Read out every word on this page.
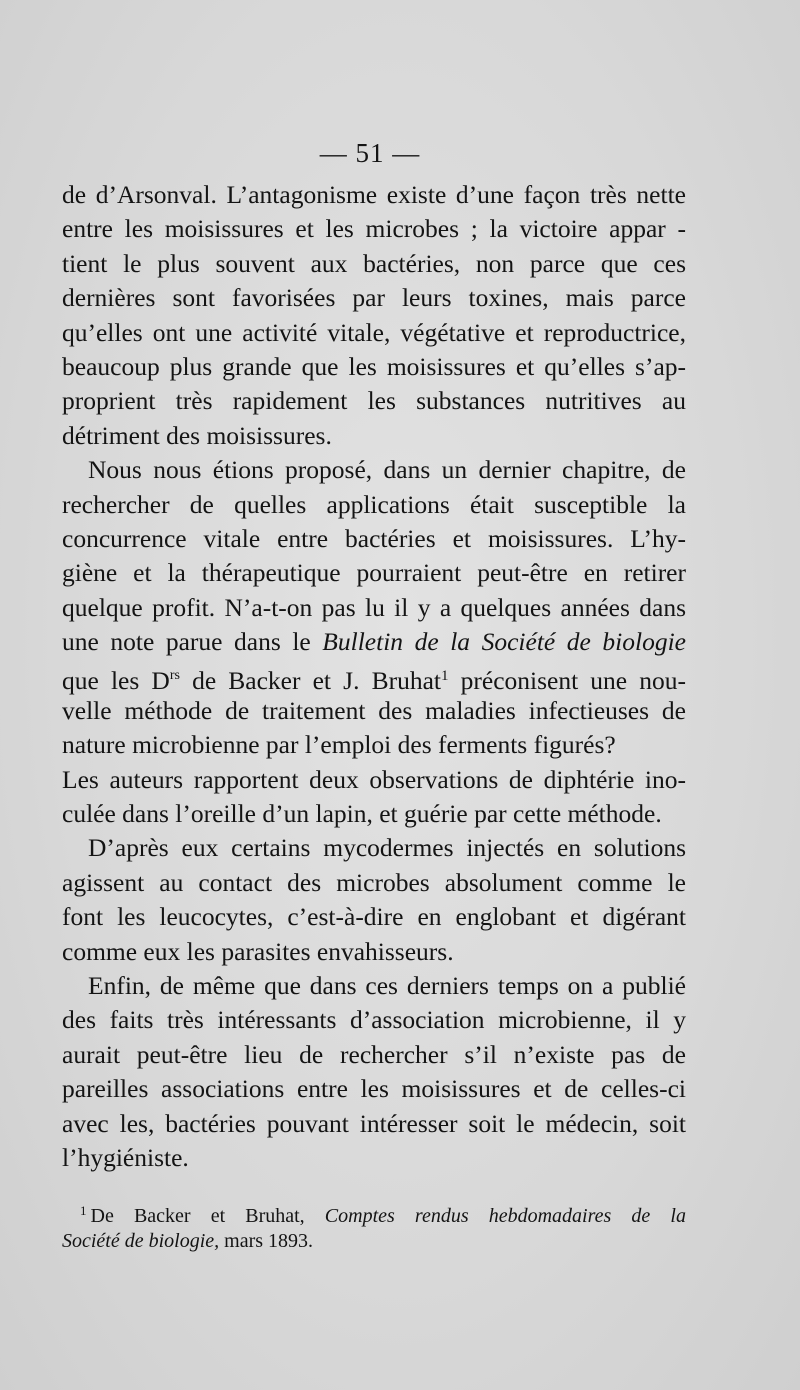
— 51 —
de d’Arsonval. L’antagonisme existe d’une façon très nette
entre les moisissures et les microbes ; la victoire appar -
tient le plus souvent aux bactéries, non parce que ces
dernières sont favorisées par leurs toxines, mais parce
qu’elles ont une activité vitale, végétative et reproductrice,
beaucoup plus grande que les moisissures et qu’elles s’ap-
proprient très rapidement les substances nutritives au
détriment des moisissures.
Nous nous étions proposé, dans un dernier chapitre, de
rechercher de quelles applications était susceptible la
concurrence vitale entre bactéries et moisissures. L’hy-
giène et la thérapeutique pourraient peut-être en retirer
quelque profit. N’a-t-on pas lu il y a quelques années dans
une note parue dans le Bulletin de la Société de biologie
que les $D^{rs}$ de Backer et J. Bruhat$^1$ préconisent une nou-
velle méthode de traitement des maladies infectieuses de
nature microbienne par l’emploi des ferments figurés?
Les auteurs rapportent deux observations de diphtérie ino-
culée dans l’oreille d’un lapin, et guérie par cette méthode.
D’après eux certains mycodermes injectés en solutions
agissent au contact des microbes absolument comme le
font les leucocytes, c’est-à-dire en englobant et digérant
comme eux les parasites envahisseurs.
Enfin, de même que dans ces derniers temps on a publié
des faits très intéressants d’association microbienne, il y
aurait peut-être lieu de rechercher s’il n’existe pas de
pareilles associations entre les moisissures et de celles-ci
avec les, bactéries pouvant intéresser soit le médecin, soit
l’hygiéniste.
$^1$ De Backer et Bruhat, Comptes rendus hebdomadaires de la
Société de biologie, mars 1893.
